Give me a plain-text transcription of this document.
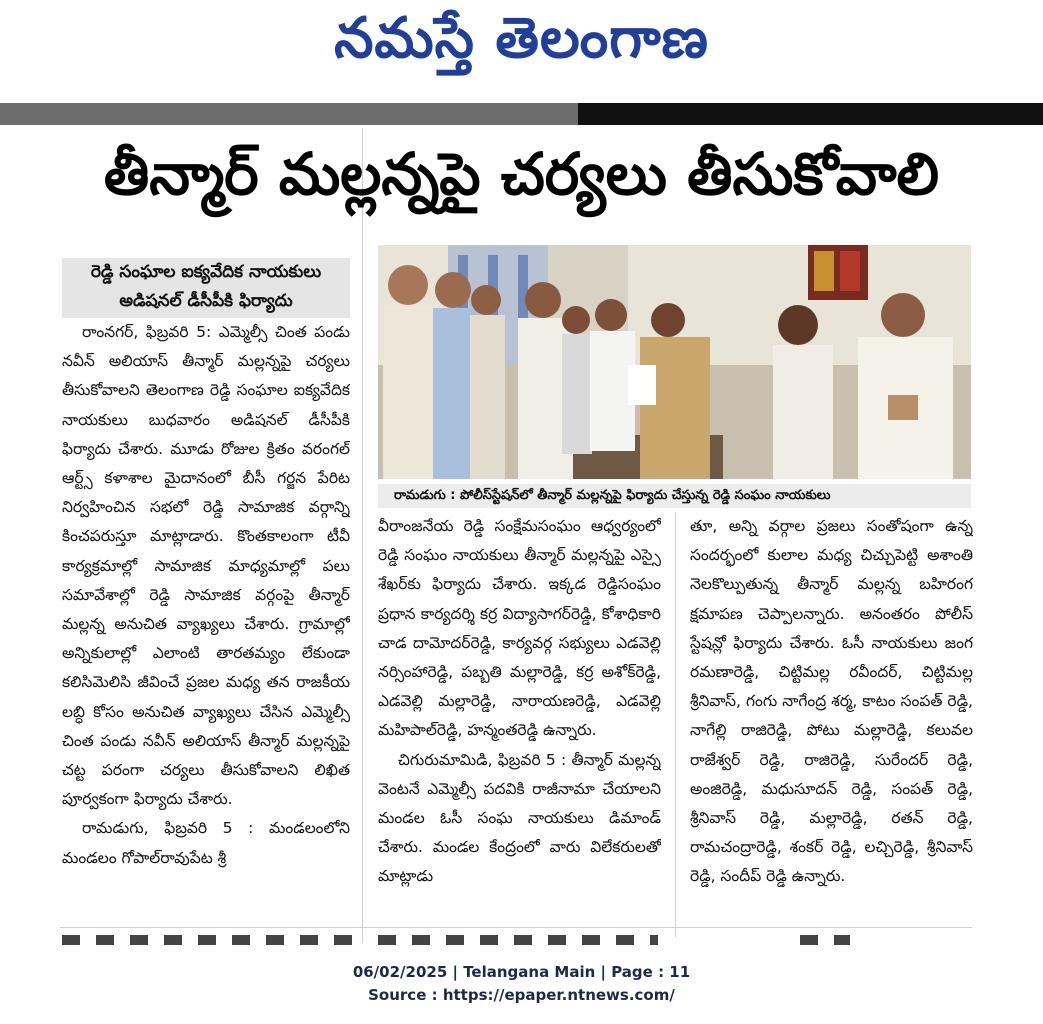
నమస్తే తెలంగాణ
తీన్మార్ మల్లన్నపై చర్యలు తీసుకోవాలి
రెడ్డి సంఘాల ఐక్యవేదిక నాయకులు
అడిషనల్ డీసీపీకి ఫిర్యాదు
రామడుగు : పోలీస్‌స్టేషన్‌లో తీన్మార్ మల్లన్నపై ఫిర్యాదు చేస్తున్న రెడ్డి సంఘం నాయకులు

రాంనగర్, ఫిబ్రవరి 5: ఎమ్మెల్సీ చింత పండు నవీన్ అలియాస్ తీన్మార్ మల్లన్నపై చర్యలు తీసుకోవాలని తెలంగాణ రెడ్డి సంఘాల ఐక్యవేదిక నాయకులు బుధవారం అడిషనల్ డీసీపీకి ఫిర్యాదు చేశారు. మూడు రోజుల క్రితం వరంగల్ ఆర్ట్స్ కళాశాల మైదానంలో బీసీ గర్జన పేరిట నిర్వహించిన సభలో రెడ్డి సామాజిక వర్గాన్ని కించపరుస్తూ మాట్లాడారు. కొంతకాలంగా టీవీ కార్యక్రమాల్లో సామాజిక మాధ్యమాల్లో పలు సమావేశాల్లో రెడ్డి సామాజిక వర్గంపై తీన్మార్ మల్లన్న అనుచిత వ్యాఖ్యలు చేశారు. గ్రామాల్లో అన్నికులాల్లో ఎలాంటి తారతమ్యం లేకుండా కలిసిమెలిసి జీవించే ప్రజల మధ్య తన రాజకీయ లబ్ధి కోసం అనుచిత వ్యాఖ్యలు చేసిన ఎమ్మెల్సీ చింత పండు నవీన్ అలియాస్ తీన్మార్ మల్లన్నపై చట్ట పరంగా చర్యలు తీసుకోవాలని లిఖిత పూర్వకంగా ఫిర్యాదు చేశారు.

రామడుగు, ఫిబ్రవరి 5 : మండలంలోని మండలం గోపాల్‌రావుపేట శ్రీ

వీరాంజనేయ రెడ్డి సంక్షేమసంఘం ఆధ్వర్యంలో రెడ్డి సంఘం నాయకులు తీన్మార్ మల్లన్నపై ఎస్సై శేఖర్‌కు ఫిర్యాదు చేశారు. ఇక్కడ రెడ్డిసంఘం ప్రధాన కార్యదర్శి కర్ర విద్యాసాగర్‌రెడ్డి, కోశాధికారి చాడ దామోదర్‌రెడ్డి, కార్యవర్గ సభ్యులు ఎడవెల్లి నర్సింహారెడ్డి, పబ్బతి మల్లారెడ్డి, కర్ర అశోక్‌రెడ్డి, ఎడవెల్లి మల్లారెడ్డి, నారాయణరెడ్డి, ఎడవెల్లి మహిపాల్‌రెడ్డి, హన్మంతరెడ్డి ఉన్నారు.

చిగురుమామిడి, ఫిబ్రవరి 5 : తీన్మార్ మల్లన్న వెంటనే ఎమ్మెల్సీ పదవికి రాజీనామా చేయాలని మండల ఓసీ సంఘ నాయకులు డిమాండ్ చేశారు. మండల కేంద్రంలో వారు విలేకరులతో మాట్లాడు

తూ, అన్ని వర్గాల ప్రజలు సంతోషంగా ఉన్న సందర్భంలో కులాల మధ్య చిచ్చుపెట్టి అశాంతి నెలకొల్పుతున్న తీన్మార్ మల్లన్న బహిరంగ క్షమాపణ చెప్పాలన్నారు. అనంతరం పోలీస్ స్టేషన్లో ఫిర్యాదు చేశారు. ఓసీ నాయకులు జంగ రమణారెడ్డి, చిట్టిమల్ల రవీందర్, చిట్టిమల్ల శ్రీనివాస్, గంగు నాగేంద్ర శర్మ, కాటం సంపత్ రెడ్డి, నాగేల్లి రాజిరెడ్డి, పోటు మల్లారెడ్డి, కలువల రాజేశ్వర్ రెడ్డి, రాజిరెడ్డి, సురేందర్ రెడ్డి, అంజిరెడ్డి, మధుసూదన్ రెడ్డి, సంపత్ రెడ్డి, శ్రీనివాస్ రెడ్డి, మల్లారెడ్డి, రతన్ రెడ్డి, రామచంద్రారెడ్డి, శంకర్ రెడ్డి, లచ్చిరెడ్డి, శ్రీనివాస్ రెడ్డి, సందీప్ రెడ్డి ఉన్నారు.

06/02/2025 | Telangana Main | Page : 11
Source : https://epaper.ntnews.com/
